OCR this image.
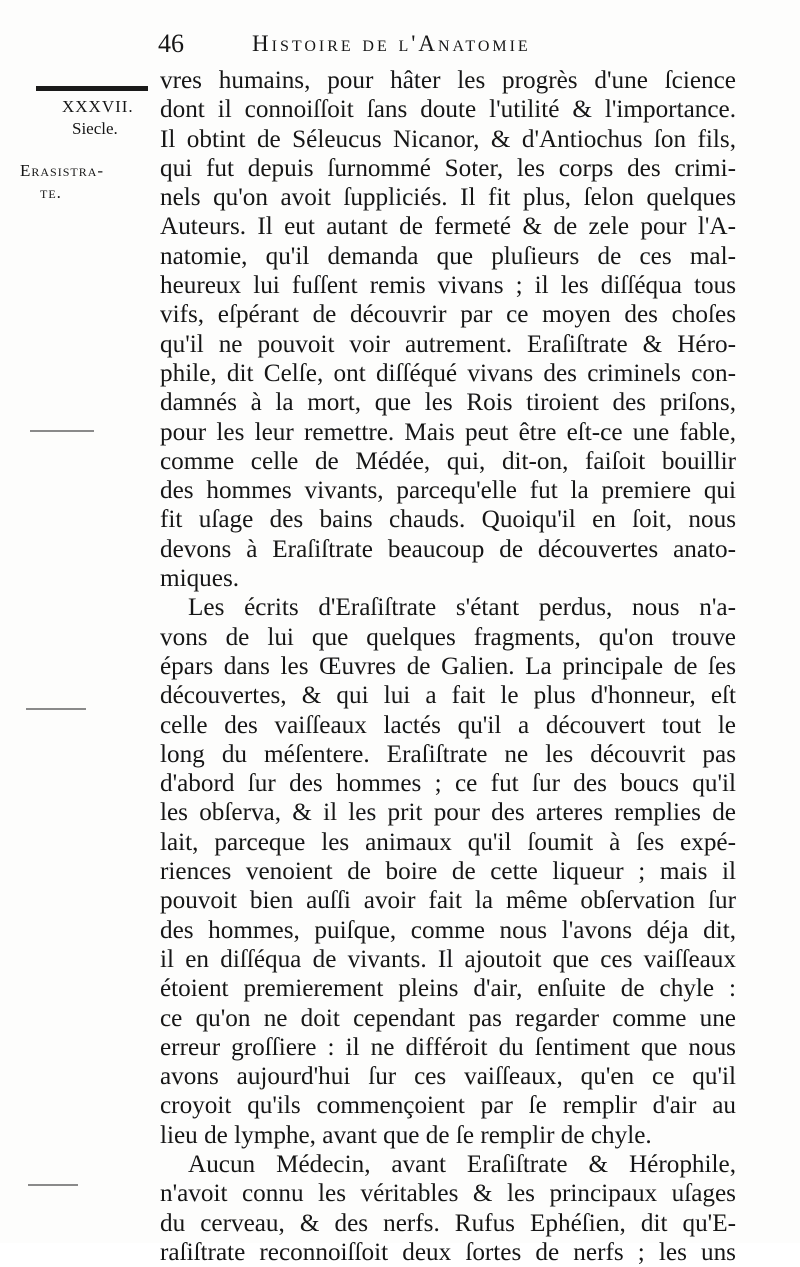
46	Histoire de l'Anatomie
XXXVII.
Siecle.
Erasistra-
te.
vres humains, pour hâter les progrès d'une ſcience
dont il connoiſſoit ſans doute l'utilité & l'importance.
Il obtint de Séleucus Nicanor, & d'Antiochus ſon fils,
qui fut depuis ſurnommé Soter, les corps des crimi-
nels qu'on avoit ſuppliciés. Il fit plus, ſelon quelques
Auteurs. Il eut autant de fermeté & de zele pour l'A-
natomie, qu'il demanda que pluſieurs de ces mal-
heureux lui fuſſent remis vivans ; il les diſſéqua tous
vifs, eſpérant de découvrir par ce moyen des choſes
qu'il ne pouvoit voir autrement. Eraſiſtrate & Héro-
phile, dit Celſe, ont diſſéqué vivans des criminels con-
damnés à la mort, que les Rois tiroient des priſons,
pour les leur remettre. Mais peut être eſt-ce une fable,
comme celle de Médée, qui, dit-on, faiſoit bouillir
des hommes vivants, parcequ'elle fut la premiere qui
fit uſage des bains chauds. Quoiqu'il en ſoit, nous
devons à Eraſiſtrate beaucoup de découvertes anato-
miques.
Les écrits d'Eraſiſtrate s'étant perdus, nous n'a-
vons de lui que quelques fragments, qu'on trouve
épars dans les Œuvres de Galien. La principale de ſes
découvertes, & qui lui a fait le plus d'honneur, eſt
celle des vaiſſeaux lactés qu'il a découvert tout le
long du méſentere. Eraſiſtrate ne les découvrit pas
d'abord ſur des hommes ; ce fut ſur des boucs qu'il
les obſerva, & il les prit pour des arteres remplies de
lait, parceque les animaux qu'il ſoumit à ſes expé-
riences venoient de boire de cette liqueur ; mais il
pouvoit bien auſſi avoir fait la même obſervation ſur
des hommes, puiſque, comme nous l'avons déja dit,
il en diſſéqua de vivants. Il ajoutoit que ces vaiſſeaux
étoient premierement pleins d'air, enſuite de chyle :
ce qu'on ne doit cependant pas regarder comme une
erreur groſſiere : il ne différoit du ſentiment que nous
avons aujourd'hui ſur ces vaiſſeaux, qu'en ce qu'il
croyoit qu'ils commençoient par ſe remplir d'air au
lieu de lymphe, avant que de ſe remplir de chyle.
Aucun Médecin, avant Eraſiſtrate & Hérophile,
n'avoit connu les véritables & les principaux uſages
du cerveau, & des nerfs. Rufus Ephéſien, dit qu'E-
raſiſtrate reconnoiſſoit deux ſortes de nerfs ; les uns
